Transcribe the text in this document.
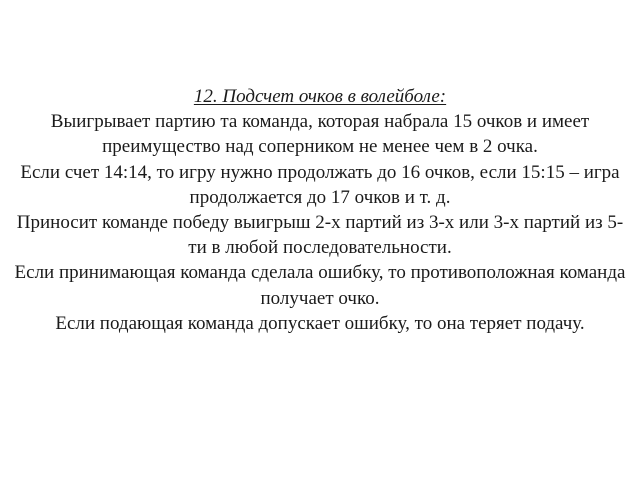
12. Подсчет очков в волейболе:

Выигрывает партию та команда, которая набрала 15 очков и имеет преимущество над соперником не менее чем в 2 очка.

Если счет 14:14, то игру нужно продолжать до 16 очков, если 15:15 – игра продолжается до 17 очков и т. д.

Приносит команде победу выигрыш 2-х партий из 3-х или 3-х партий из 5-ти в любой последовательности.

Если принимающая команда сделала ошибку, то противоположная команда получает очко.

Если подающая команда допускает ошибку, то она теряет подачу.
